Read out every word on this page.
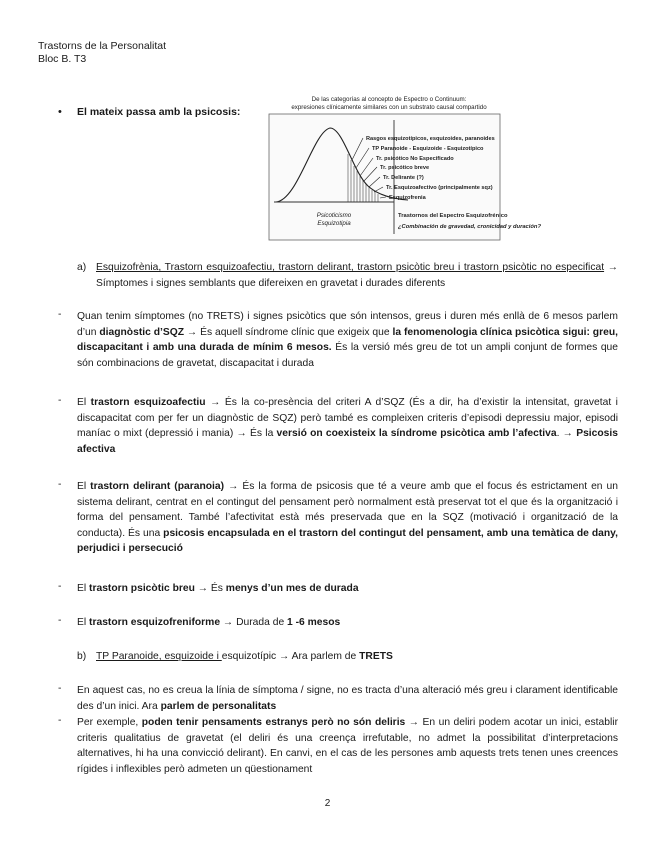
Trastorns de la Personalitat
Bloc B. T3
• El mateix passa amb la psicosis:
De las categorías al concepto de Espectro o Continuum:
expresiones clínicamente similares con un substrato causal compartido
Psicoticismo
Esquizotipia
Rasgos esquizotípicos, esquizoides, paranoides
TP Paranoide - Esquizoide - Esquizotípico
Tr. psicótico No Especificado
Tr. psicótico breve
Tr. Delirante (?)
Tr. Esquizoafectivo (principalmente sqz)
Esquizofrenia
Trastornos del Espectro Esquizofrénico
¿Combinación de gravedad, cronicidad y duración?
a) Esquizofrènia, Trastorn esquizoafectiu, trastorn delirant, trastorn psicòtic breu i trastorn psicòtic no especificat → Símptomes i signes semblants que difereixen en gravetat i durades diferents
- Quan tenim símptomes (no TRETS) i signes psicòtics que són intensos, greus i duren més enllà de 6 mesos parlem d’un diagnòstic d’SQZ → És aquell síndrome clínic que exigeix que la fenomenologia clínica psicòtica sigui: greu, discapacitant i amb una durada de mínim 6 mesos. És la versió més greu de tot un ampli conjunt de formes que són combinacions de gravetat, discapacitat i durada
- El trastorn esquizoafectiu → És la co-presència del criteri A d’SQZ (És a dir, ha d’existir la intensitat, gravetat i discapacitat com per fer un diagnòstic de SQZ) però també es compleixen criteris d’episodi depressiu major, episodi maníac o mixt (depressió i mania) → És la versió on coexisteix la síndrome psicòtica amb l’afectiva. → Psicosis afectiva
- El trastorn delirant (paranoia) → És la forma de psicosis que té a veure amb que el focus és estrictament en un sistema delirant, centrat en el contingut del pensament però normalment està preservat tot el que és la organització i forma del pensament. També l’afectivitat està més preservada que en la SQZ (motivació i organització de la conducta). És una psicosis encapsulada en el trastorn del contingut del pensament, amb una temàtica de dany, perjudici i persecució
- El trastorn psicòtic breu → És menys d’un mes de durada
- El trastorn esquizofreniforme → Durada de 1 -6 mesos
b) TP Paranoide, esquizoide i esquizotípic → Ara parlem de TRETS
- En aquest cas, no es creua la línia de símptoma / signe, no es tracta d’una alteració més greu i clarament identificable des d’un inici. Ara parlem de personalitats
- Per exemple, poden tenir pensaments estranys però no són deliris → En un deliri podem acotar un inici, establir criteris qualitatius de gravetat (el deliri és una creença irrefutable, no admet la possibilitat d’interpretacions alternatives, hi ha una convicció delirant). En canvi, en el cas de les persones amb aquests trets tenen unes creences rígides i inflexibles però admeten un qüestionament
2
